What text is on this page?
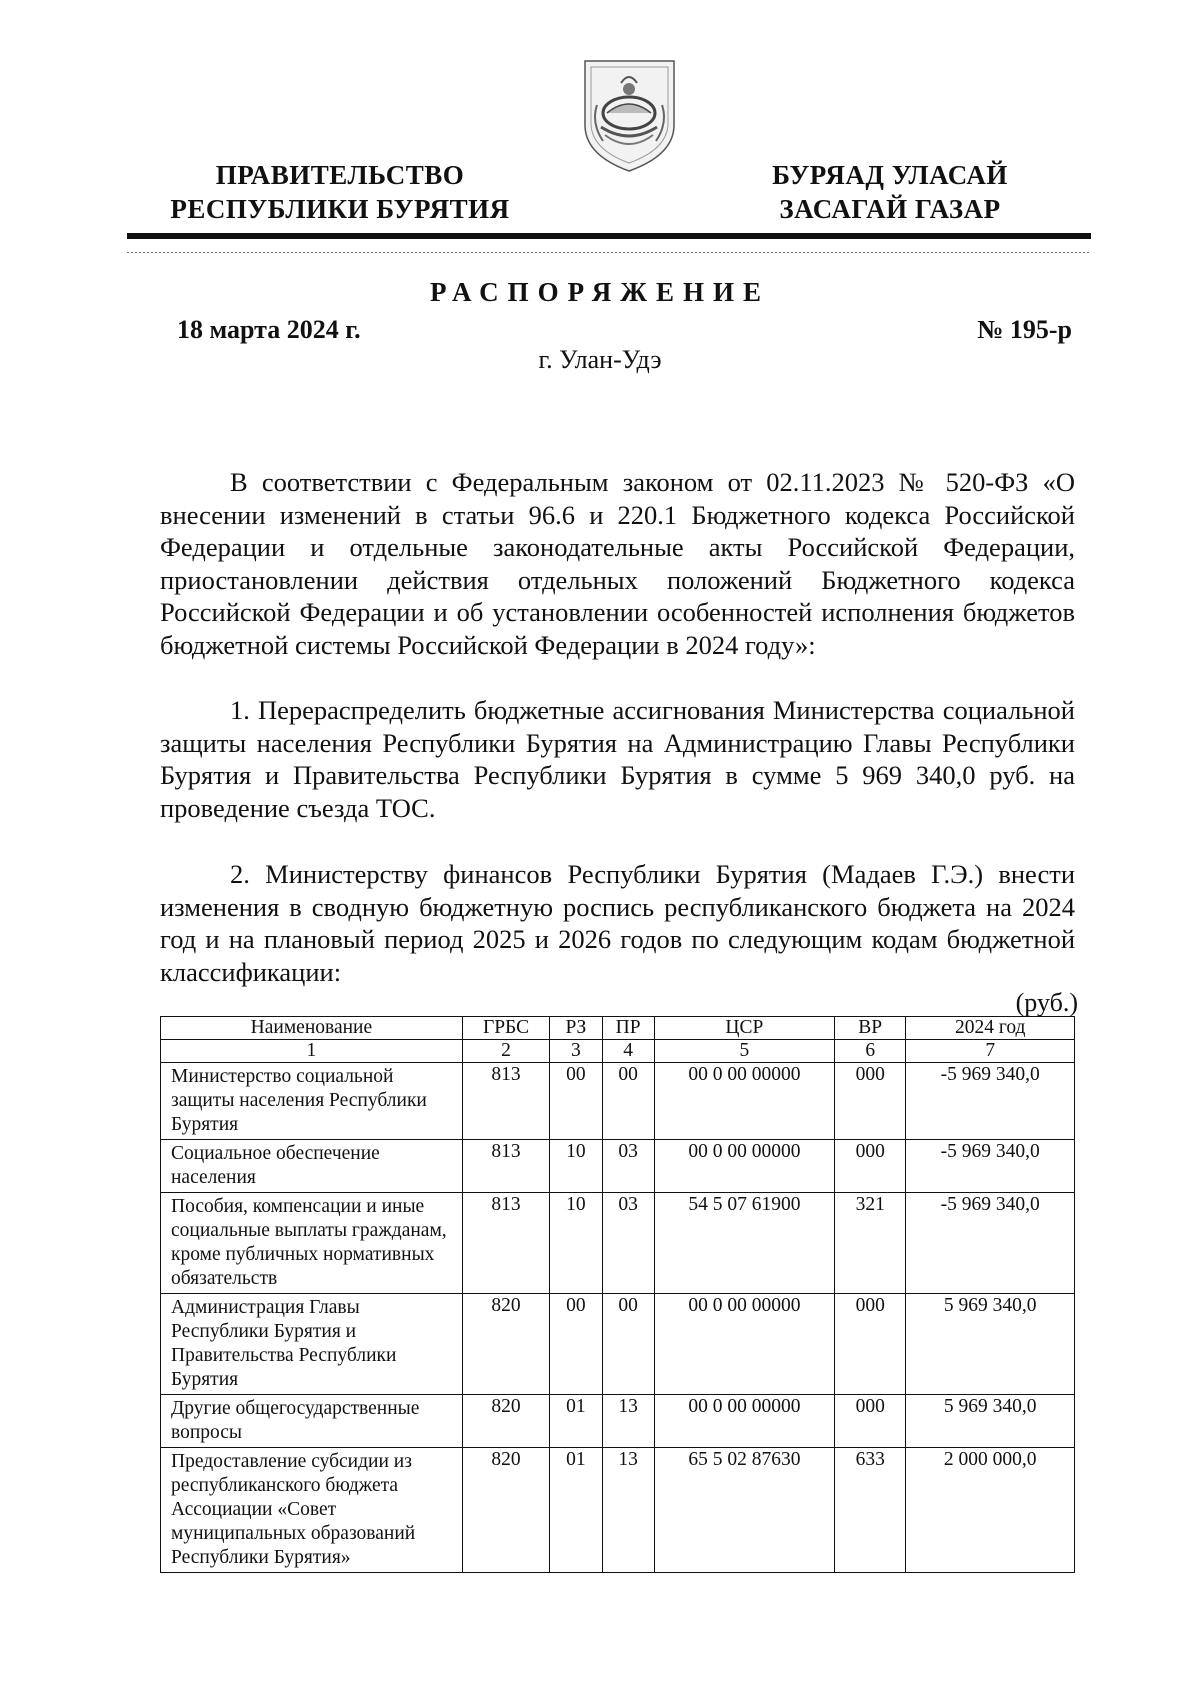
ПРАВИТЕЛЬСТВО
РЕСПУБЛИКИ БУРЯТИЯ
БУРЯАД УЛАСАЙ
ЗАСАГАЙ ГАЗАР
РАСПОРЯЖЕНИЕ
18 марта 2024 г.	№ 195-р
г. Улан-Удэ
В соответствии с Федеральным законом от 02.11.2023 № 520-ФЗ «О внесении изменений в статьи 96.6 и 220.1 Бюджетного кодекса Российской Федерации и отдельные законодательные акты Российской Федерации, приостановлении действия отдельных положений Бюджетного кодекса Российской Федерации и об установлении особенностей исполнения бюджетов бюджетной системы Российской Федерации в 2024 году»:
1. Перераспределить бюджетные ассигнования Министерства социальной защиты населения Республики Бурятия на Администрацию Главы Республики Бурятия и Правительства Республики Бурятия в сумме 5 969 340,0 руб. на проведение съезда ТОС.
2. Министерству финансов Республики Бурятия (Мадаев Г.Э.) внести изменения в сводную бюджетную роспись республиканского бюджета на 2024 год и на плановый период 2025 и 2026 годов по следующим кодам бюджетной классификации:
(руб.)
Наименование	ГРБС	РЗ	ПР	ЦСР	ВР	2024 год
1	2	3	4	5	6	7
Министерство социальной защиты населения Республики Бурятия	813	00	00	00 0 00 00000	000	-5 969 340,0
Социальное обеспечение населения	813	10	03	00 0 00 00000	000	-5 969 340,0
Пособия, компенсации и иные социальные выплаты гражданам, кроме публичных нормативных обязательств	813	10	03	54 5 07 61900	321	-5 969 340,0
Администрация Главы Республики Бурятия и Правительства Республики Бурятия	820	00	00	00 0 00 00000	000	5 969 340,0
Другие общегосударственные вопросы	820	01	13	00 0 00 00000	000	5 969 340,0
Предоставление субсидии из республиканского бюджета Ассоциации «Совет муниципальных образований Республики Бурятия»	820	01	13	65 5 02 87630	633	2 000 000,0
